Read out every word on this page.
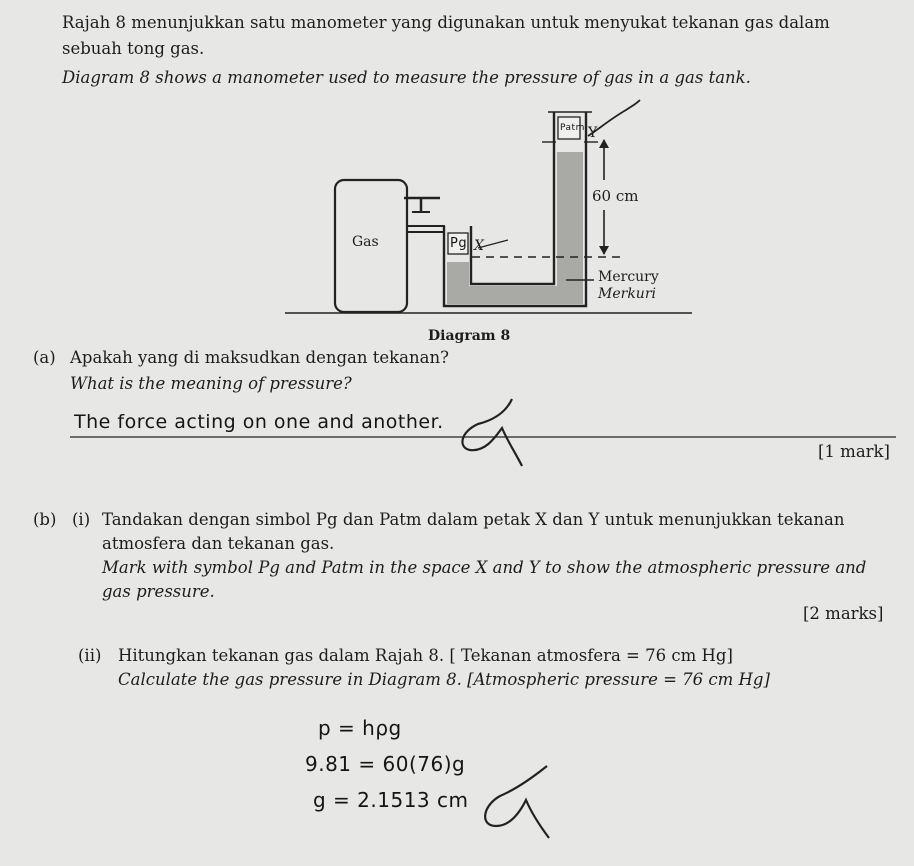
Rajah 8 menunjukkan satu manometer yang digunakan untuk menyukat tekanan gas dalam
sebuah tong gas.
Diagram 8 shows a manometer used to measure the pressure of gas in a gas tank.
Gas	Pg X
Patm Y
60 cm
Mercury
Merkuri
Diagram 8
(a) Apakah yang di maksudkan dengan tekanan?
What is the meaning of pressure?
The force acting on one and another.
[1 mark]
(b) (i) Tandakan dengan simbol Pg dan Patm dalam petak X dan Y untuk menunjukkan tekanan
atmosfera dan tekanan gas.
Mark with symbol Pg and Patm in the space X and Y to show the atmospheric pressure and
gas pressure.
[2 marks]
(ii) Hitungkan tekanan gas dalam Rajah 8. [ Tekanan atmosfera = 76 cm Hg]
Calculate the gas pressure in Diagram 8. [Atmospheric pressure = 76 cm Hg]
p = hρg
9.81 = 60(76)g
g = 2.1513 cm
